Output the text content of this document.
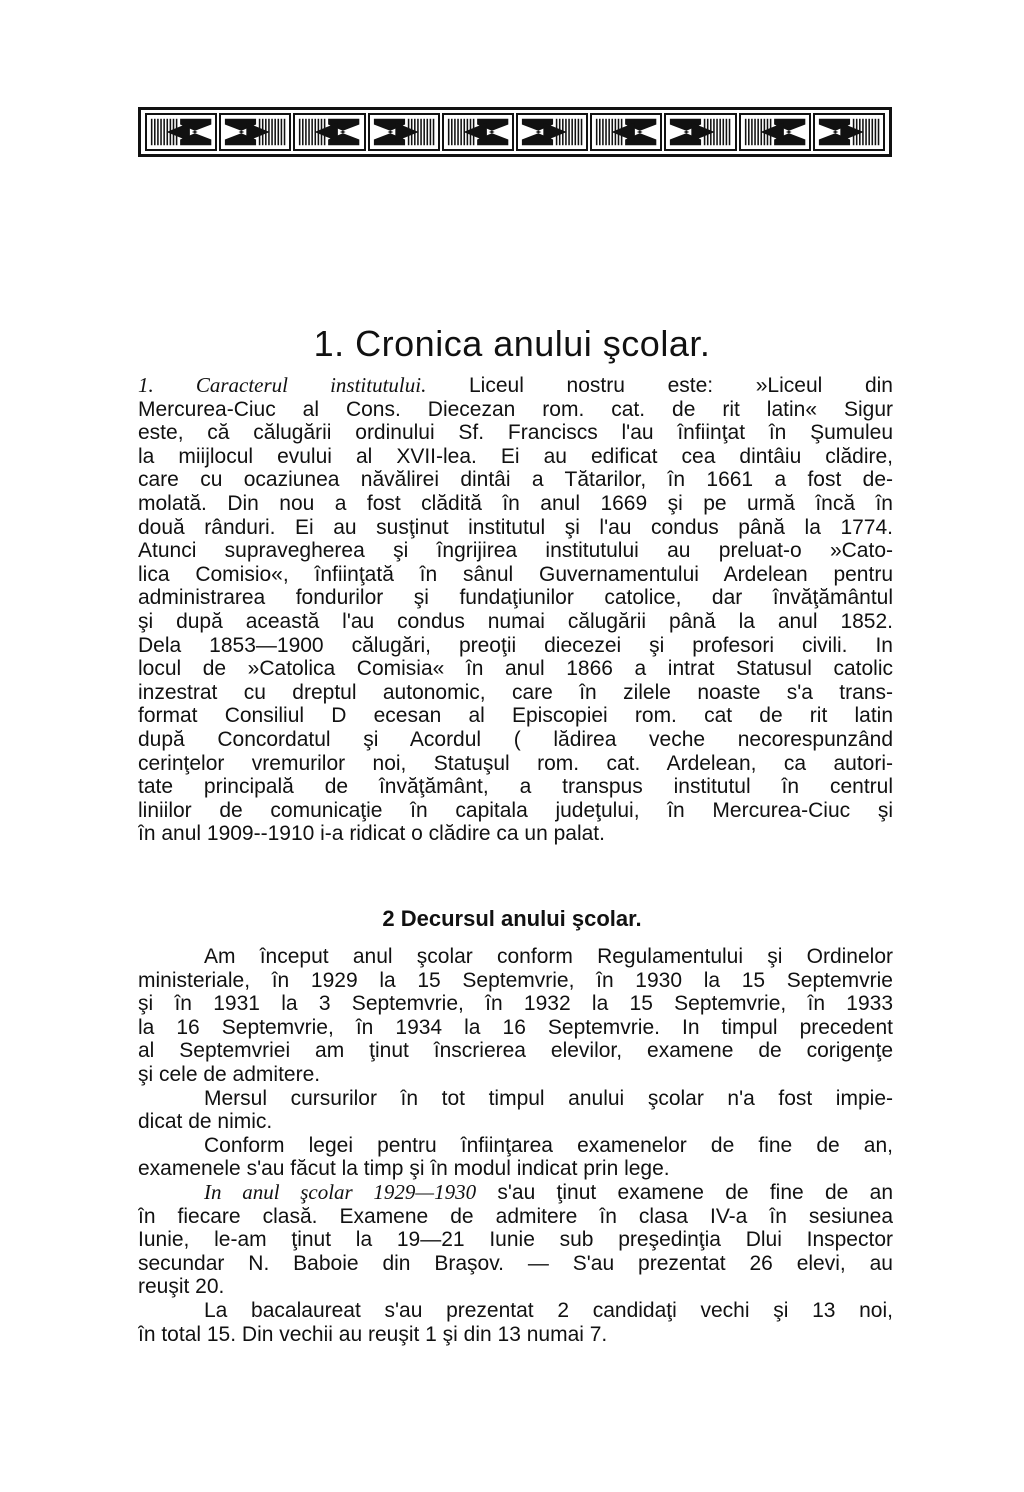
1. Cronica anului şcolar.
1. Caracterul institutului. Liceul nostru este: »Liceul din
Mercurea-Ciuc al Cons. Diecezan rom. cat. de rit latin« Sigur
este, că călugării ordinului Sf. Franciscs l'au înfiinţat în Şumuleu
la miijlocul evului al XVII-lea. Ei au edificat cea dintâiu clădire,
care cu ocaziunea năvălirei dintâi a Tătarilor, în 1661 a fost de-
molată. Din nou a fost clădită în anul 1669 şi pe urmă încă în
două rânduri. Ei au susţinut institutul şi l'au condus până la 1774.
Atunci supravegherea şi îngrijirea institutului au preluat-o »Cato-
lica Comisio«, înfiinţată în sânul Guvernamentului Ardelean pentru
administrarea fondurilor şi fundaţiunilor catolice, dar învăţământul
şi după această l'au condus numai călugării până la anul 1852.
Dela 1853—1900 călugări, preoţii diecezei şi profesori civili. In
locul de »Catolica Comisia« în anul 1866 a intrat Statusul catolic
inzestrat cu dreptul autonomic, care în zilele noaste s'a trans-
format Consiliul D ecesan al Episcopiei rom. cat de rit latin
după Concordatul şi Acordul ( lădirea veche necorespunzând
cerinţelor vremurilor noi, Statuşul rom. cat. Ardelean, ca autori-
tate principală de învăţământ, a transpus institutul în centrul
liniilor de comunicaţie în capitala judeţului, în Mercurea-Ciuc şi
în anul 1909--1910 i-a ridicat o clădire ca un palat.
2 Decursul anului şcolar.
Am început anul şcolar conform Regulamentului şi Ordinelor
ministeriale, în 1929 la 15 Septemvrie, în 1930 la 15 Septemvrie
şi în 1931 la 3 Septemvrie, în 1932 la 15 Septemvrie, în 1933
la 16 Septemvrie, în 1934 la 16 Septemvrie. In timpul precedent
al Septemvriei am ţinut înscrierea elevilor, examene de corigenţe
şi cele de admitere.
Mersul cursurilor în tot timpul anului şcolar n'a fost impie-
dicat de nimic.
Conform legei pentru înfiinţarea examenelor de fine de an,
examenele s'au făcut la timp şi în modul indicat prin lege.
In anul şcolar 1929—1930 s'au ţinut examene de fine de an
în fiecare clasă. Examene de admitere în clasa IV-a în sesiunea
Iunie, le-am ţinut la 19—21 Iunie sub preşedinţia Dlui Inspector
secundar N. Baboie din Braşov. — S'au prezentat 26 elevi, au
reuşit 20.
La bacalaureat s'au prezentat 2 candidaţi vechi şi 13 noi,
în total 15. Din vechii au reuşit 1 şi din 13 numai 7.
